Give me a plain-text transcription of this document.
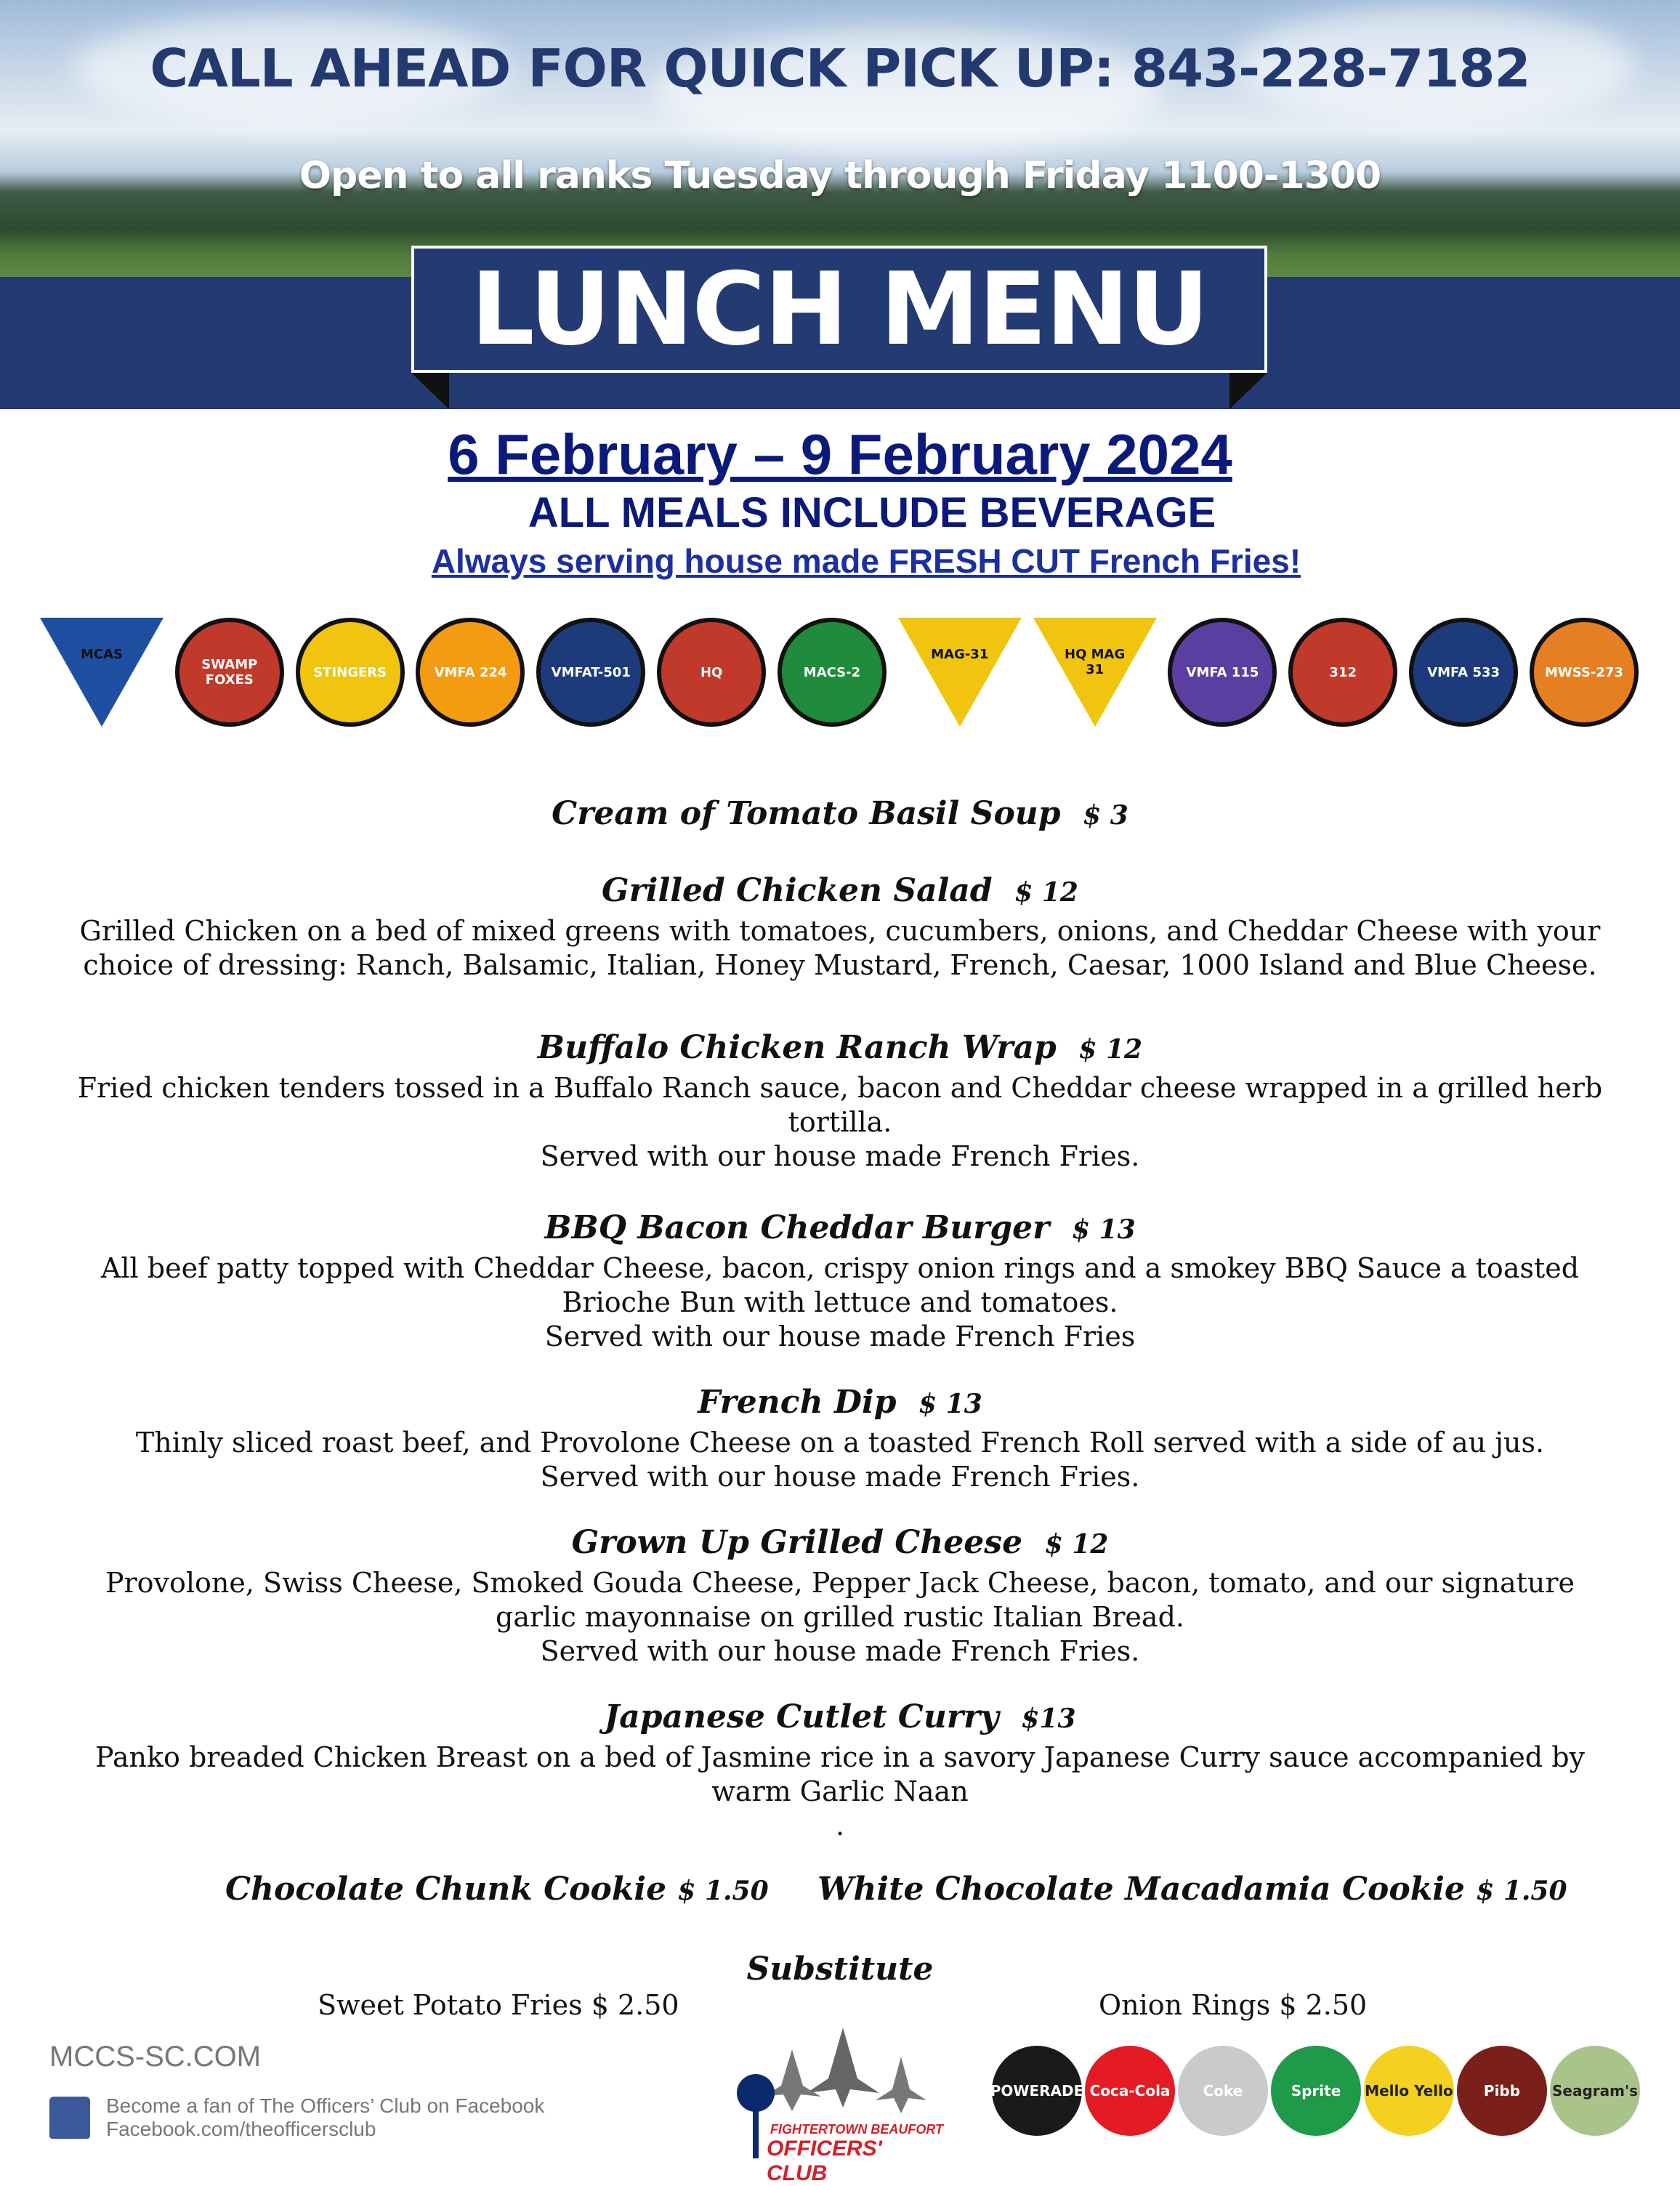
CALL AHEAD FOR QUICK PICK UP: 843-228-7182
Open to all ranks Tuesday through Friday 1100-1300
LUNCH MENU
6 February – 9 February 2024
ALL MEALS INCLUDE BEVERAGE
Always serving house made FRESH CUT French Fries!
MCAS
SWAMP FOXES	STINGERS	VMFA 224	VMFAT-501	HQ	MACS-2
MAG-31	HQ MAG 31	VMFA 115	312	VMFA 533	MWSS-273
Cream of Tomato Basil Soup $ 3
Grilled Chicken Salad $ 12
Grilled Chicken on a bed of mixed greens with tomatoes, cucumbers, onions, and Cheddar Cheese with your
choice of dressing: Ranch, Balsamic, Italian, Honey Mustard, French, Caesar, 1000 Island and Blue Cheese.
Buffalo Chicken Ranch Wrap $ 12
Fried chicken tenders tossed in a Buffalo Ranch sauce, bacon and Cheddar cheese wrapped in a grilled herb
tortilla.
Served with our house made French Fries.
BBQ Bacon Cheddar Burger $ 13
All beef patty topped with Cheddar Cheese, bacon, crispy onion rings and a smokey BBQ Sauce a toasted
Brioche Bun with lettuce and tomatoes.
Served with our house made French Fries
French Dip $ 13
Thinly sliced roast beef, and Provolone Cheese on a toasted French Roll served with a side of au jus.
Served with our house made French Fries.
Grown Up Grilled Cheese $ 12
Provolone, Swiss Cheese, Smoked Gouda Cheese, Pepper Jack Cheese, bacon, tomato, and our signature
garlic mayonnaise on grilled rustic Italian Bread.
Served with our house made French Fries.
Japanese Cutlet Curry $13
Panko breaded Chicken Breast on a bed of Jasmine rice in a savory Japanese Curry sauce accompanied by
warm Garlic Naan
.
Chocolate Chunk Cookie $ 1.50 White Chocolate Macadamia Cookie $ 1.50
Substitute
Sweet Potato Fries $ 2.50	Onion Rings $ 2.50
MCCS-SC.COM
Become a fan of The Officers’ Club on Facebook
Facebook.com/theofficersclub	FIGHTERTOWN BEAUFORT
OFFICERS' CLUB
POWERADE Coca-Cola	Coke	Sprite	Mello Yello	Pibb	Seagram's
